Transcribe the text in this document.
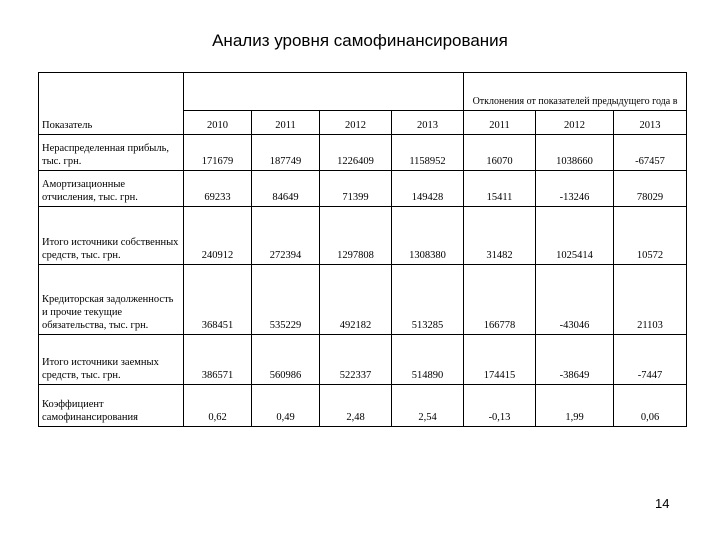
Анализ уровня самофинансирования
Показатель					Отклонения от показателей предыдущего года в		
	2010	2011	2012	2013	2011	2012	2013
Нераспределенная прибыль, тыс. грн.	171679	187749	1226409	1158952	16070	1038660	-67457
Амортизационные отчисления, тыс. грн.	69233	84649	71399	149428	15411	-13246	78029
Итого источники собственных средств, тыс. грн.	240912	272394	1297808	1308380	31482	1025414	10572
Кредиторская задолженность и прочие текущие обязательства, тыс. грн.	368451	535229	492182	513285	166778	-43046	21103
Итого источники заемных средств, тыс. грн.	386571	560986	522337	514890	174415	-38649	-7447
Коэффициент самофинансирования	0,62	0,49	2,48	2,54	-0,13	1,99	0,06
14
